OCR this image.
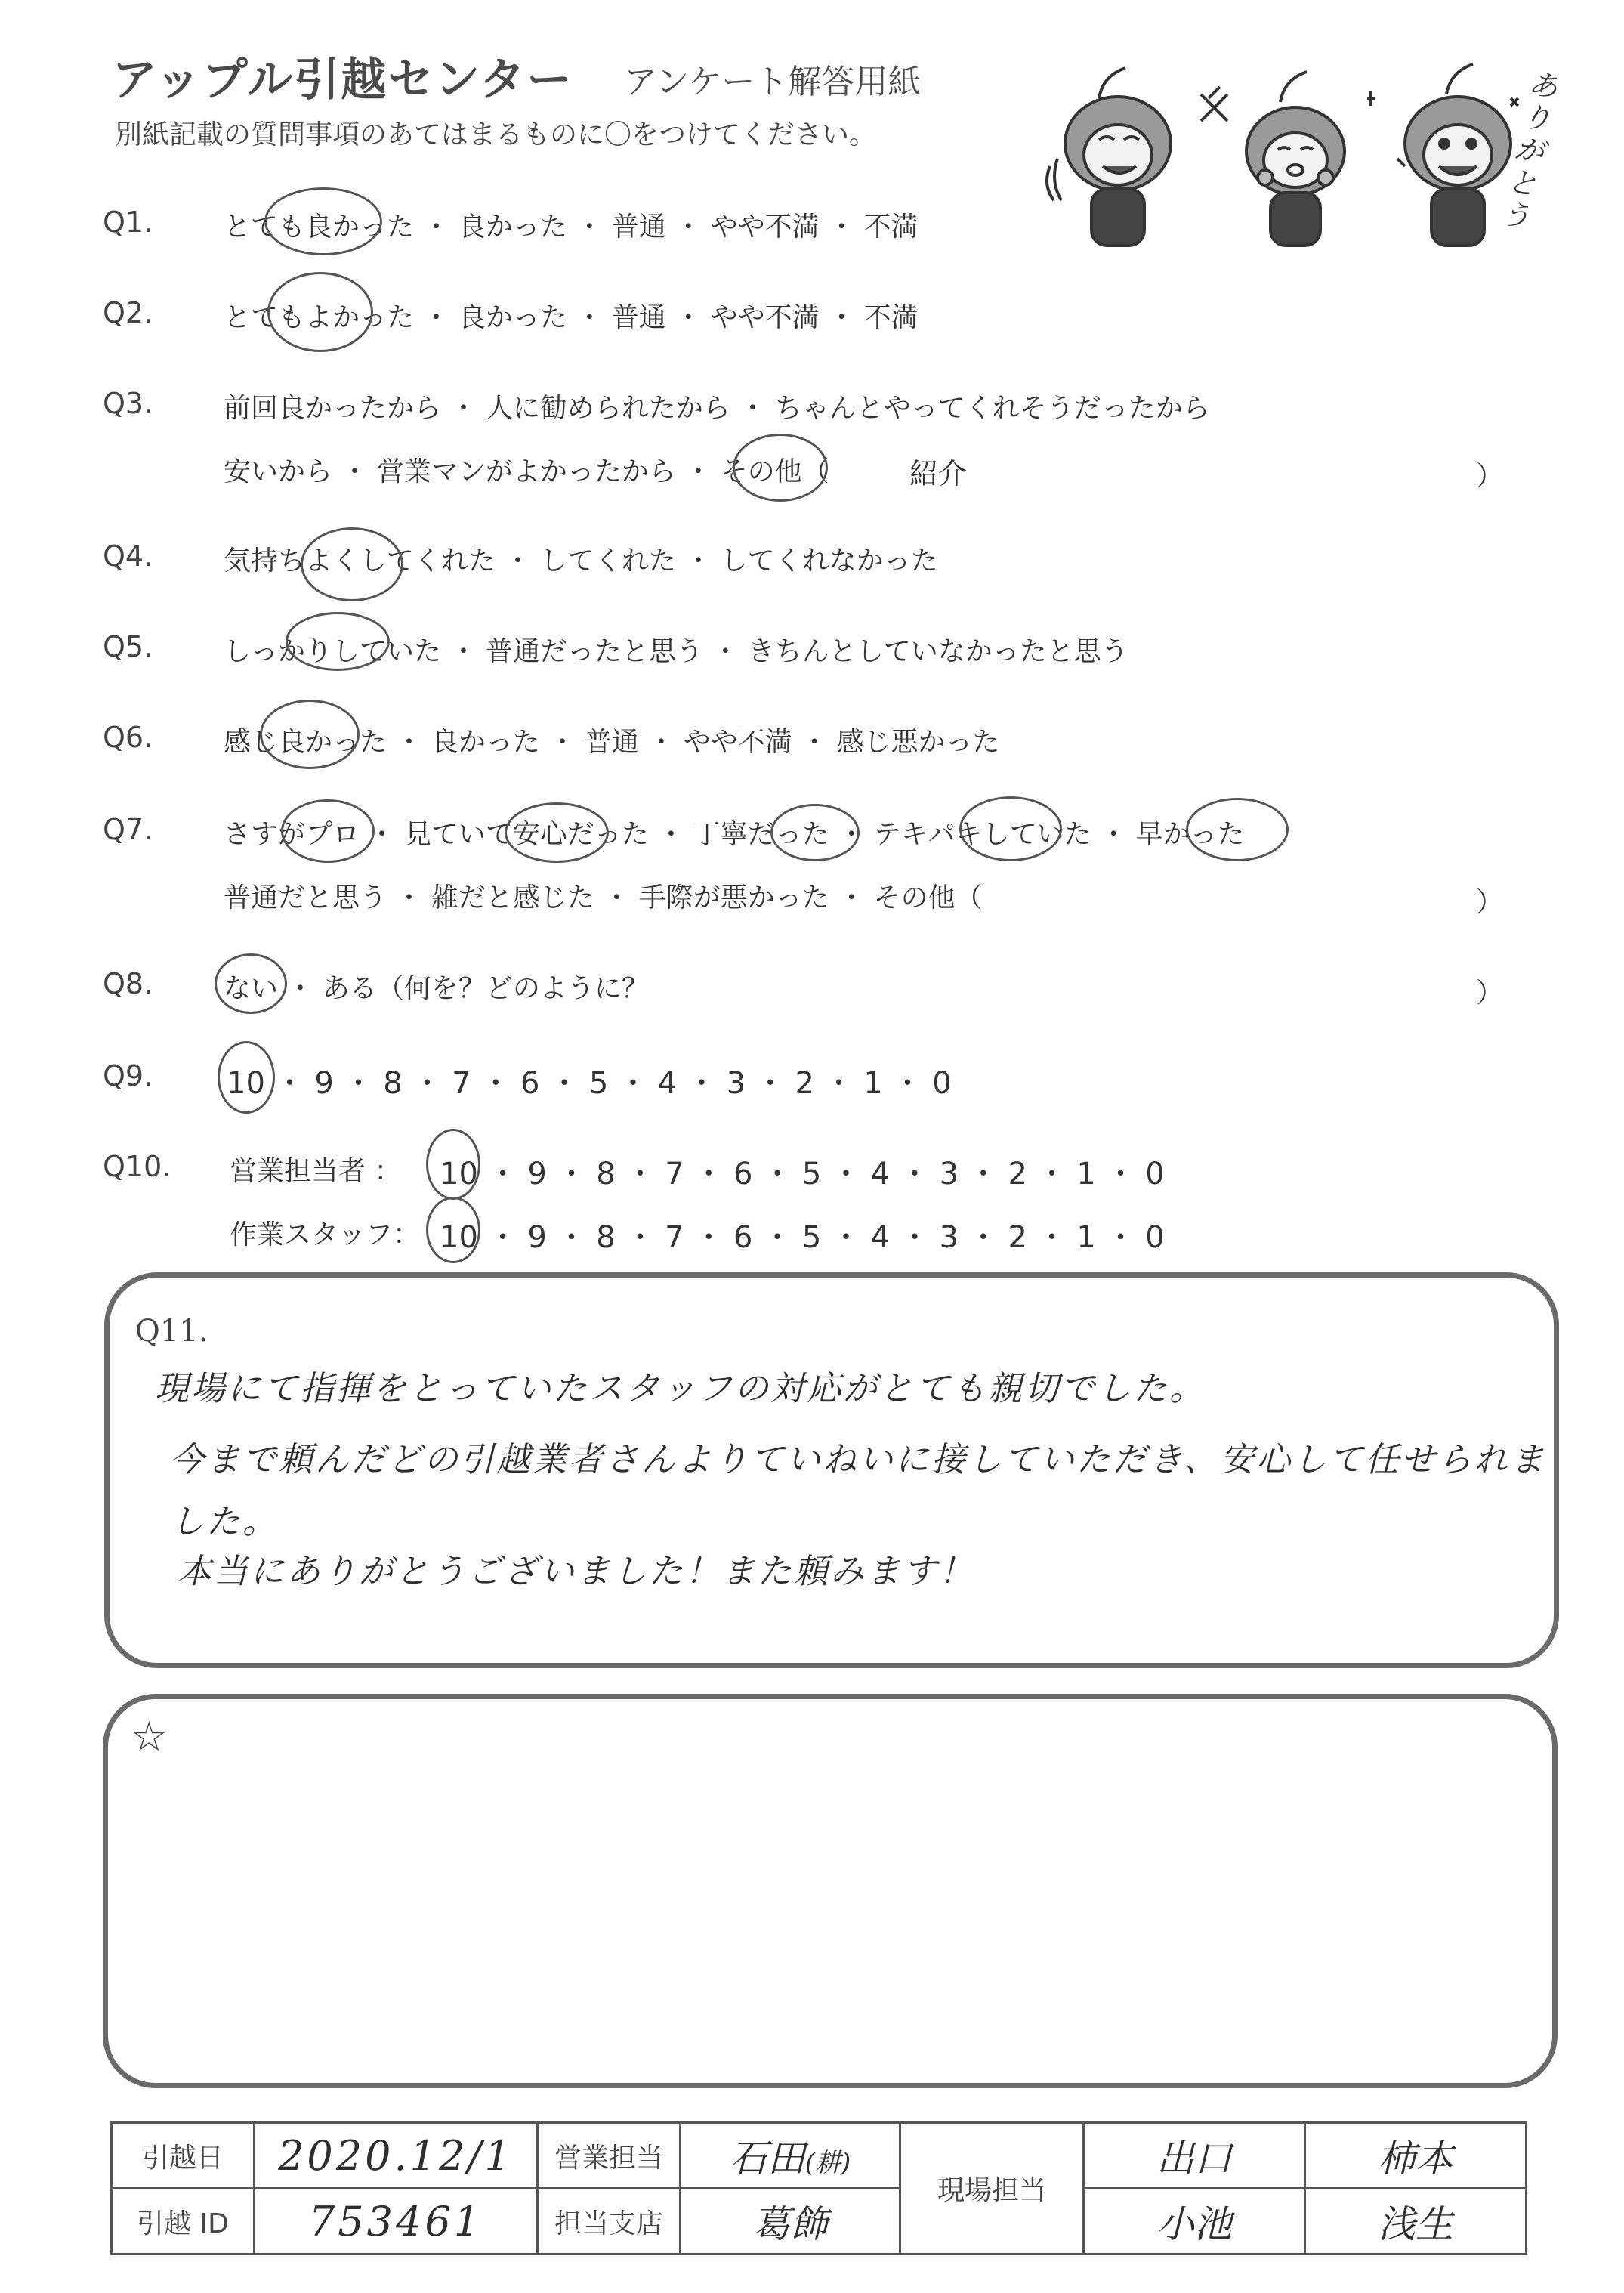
アップル引越センター アンケート解答用紙
別紙記載の質問事項のあてはまるものに〇をつけてください。
ありがとう
Q1.	とても良かった ・ 良かった ・ 普通 ・ やや不満 ・ 不満
Q2.	とてもよかった ・ 良かった ・ 普通 ・ やや不満 ・ 不満
Q3.	前回良かったから ・ 人に勧められたから ・ ちゃんとやってくれそうだったから
安いから ・ 営業マンがよかったから ・ その他（	紹介	）
Q4.	気持ちよくしてくれた ・ してくれた ・ してくれなかった
Q5.	しっかりしていた ・ 普通だったと思う ・ きちんとしていなかったと思う
Q6.	感じ良かった ・ 良かった ・ 普通 ・ やや不満 ・ 感じ悪かった
Q7.	さすがプロ ・ 見ていて安心だった ・ 丁寧だった ・ テキパキしていた ・ 早かった
普通だと思う ・ 雑だと感じた ・ 手際が悪かった ・ その他（	）
Q8.	ない ・ ある（何を？どのように？	）
Q9. 10 ・ 9 ・ 8 ・ 7 ・ 6 ・ 5 ・ 4 ・ 3 ・ 2 ・ 1 ・ 0
Q10. 営業担当者 ： 10 ・ 9 ・ 8 ・ 7 ・ 6 ・ 5 ・ 4 ・ 3 ・ 2 ・ 1 ・ 0
作業スタッフ： 10 ・ 9 ・ 8 ・ 7 ・ 6 ・ 5 ・ 4 ・ 3 ・ 2 ・ 1 ・ 0
Q11.
現場にて指揮をとっていたスタッフの対応がとても親切でした。
今まで頼んだどの引越業者さんよりていねいに接していただき、安心して任せられま
した。
本当にありがとうございました！また頼みます！
☆
引越日	2020.12/1	営業担当	石田(耕)	現場担当	出口	柿本
引越 ID	753461	担当支店	葛飾		小池	浅生
